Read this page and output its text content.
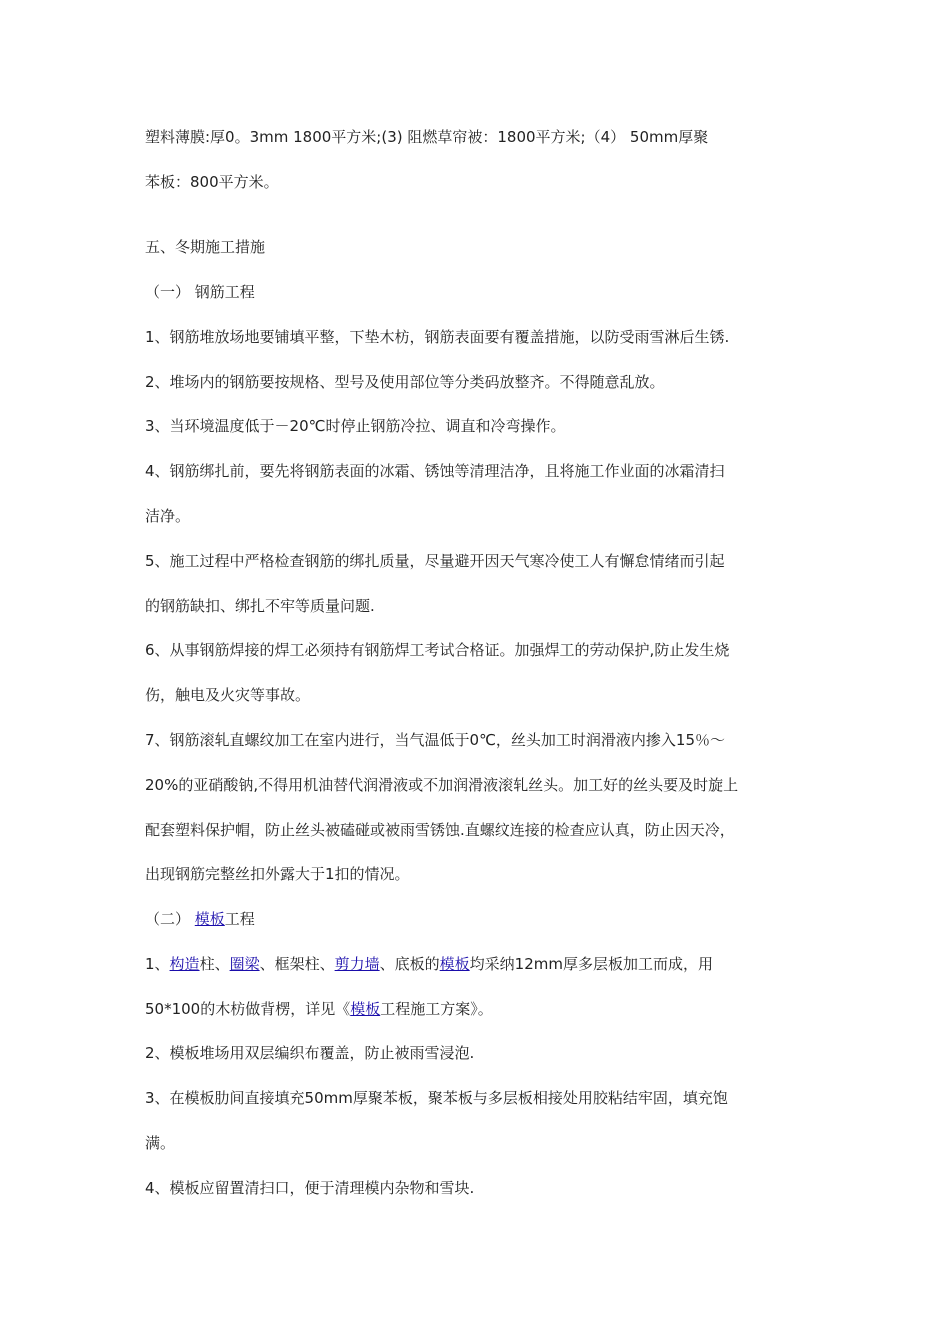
塑料薄膜:厚0。3mm 1800平方米;(3) 阻燃草帘被：1800平方米;（4） 50mm厚聚
苯板：800平方米。
五、冬期施工措施
（一） 钢筋工程
1、钢筋堆放场地要铺填平整，下垫木枋，钢筋表面要有覆盖措施，以防受雨雪淋后生锈.
2、堆场内的钢筋要按规格、型号及使用部位等分类码放整齐。不得随意乱放。
3、当环境温度低于－20℃时停止钢筋冷拉、调直和冷弯操作。
4、钢筋绑扎前，要先将钢筋表面的冰霜、锈蚀等清理洁净，且将施工作业面的冰霜清扫
洁净。
5、施工过程中严格检查钢筋的绑扎质量，尽量避开因天气寒冷使工人有懈怠情绪而引起
的钢筋缺扣、绑扎不牢等质量问题.
6、从事钢筋焊接的焊工必须持有钢筋焊工考试合格证。加强焊工的劳动保护,防止发生烧
伤，触电及火灾等事故。
7、钢筋滚轧直螺纹加工在室内进行，当气温低于0℃，丝头加工时润滑液内掺入15％～
20%的亚硝酸钠,不得用机油替代润滑液或不加润滑液滚轧丝头。加工好的丝头要及时旋上
配套塑料保护帽，防止丝头被磕碰或被雨雪锈蚀.直螺纹连接的检查应认真，防止因天冷，
出现钢筋完整丝扣外露大于1扣的情况。
（二） 模板工程
1、构造柱、圈梁、框架柱、剪力墙、底板的模板均采纳12mm厚多层板加工而成，用
50*100的木枋做背楞，详见《模板工程施工方案》。
2、模板堆场用双层编织布覆盖，防止被雨雪浸泡.
3、在模板肋间直接填充50mm厚聚苯板，聚苯板与多层板相接处用胶粘结牢固，填充饱
满。
4、模板应留置清扫口，便于清理模内杂物和雪块.
